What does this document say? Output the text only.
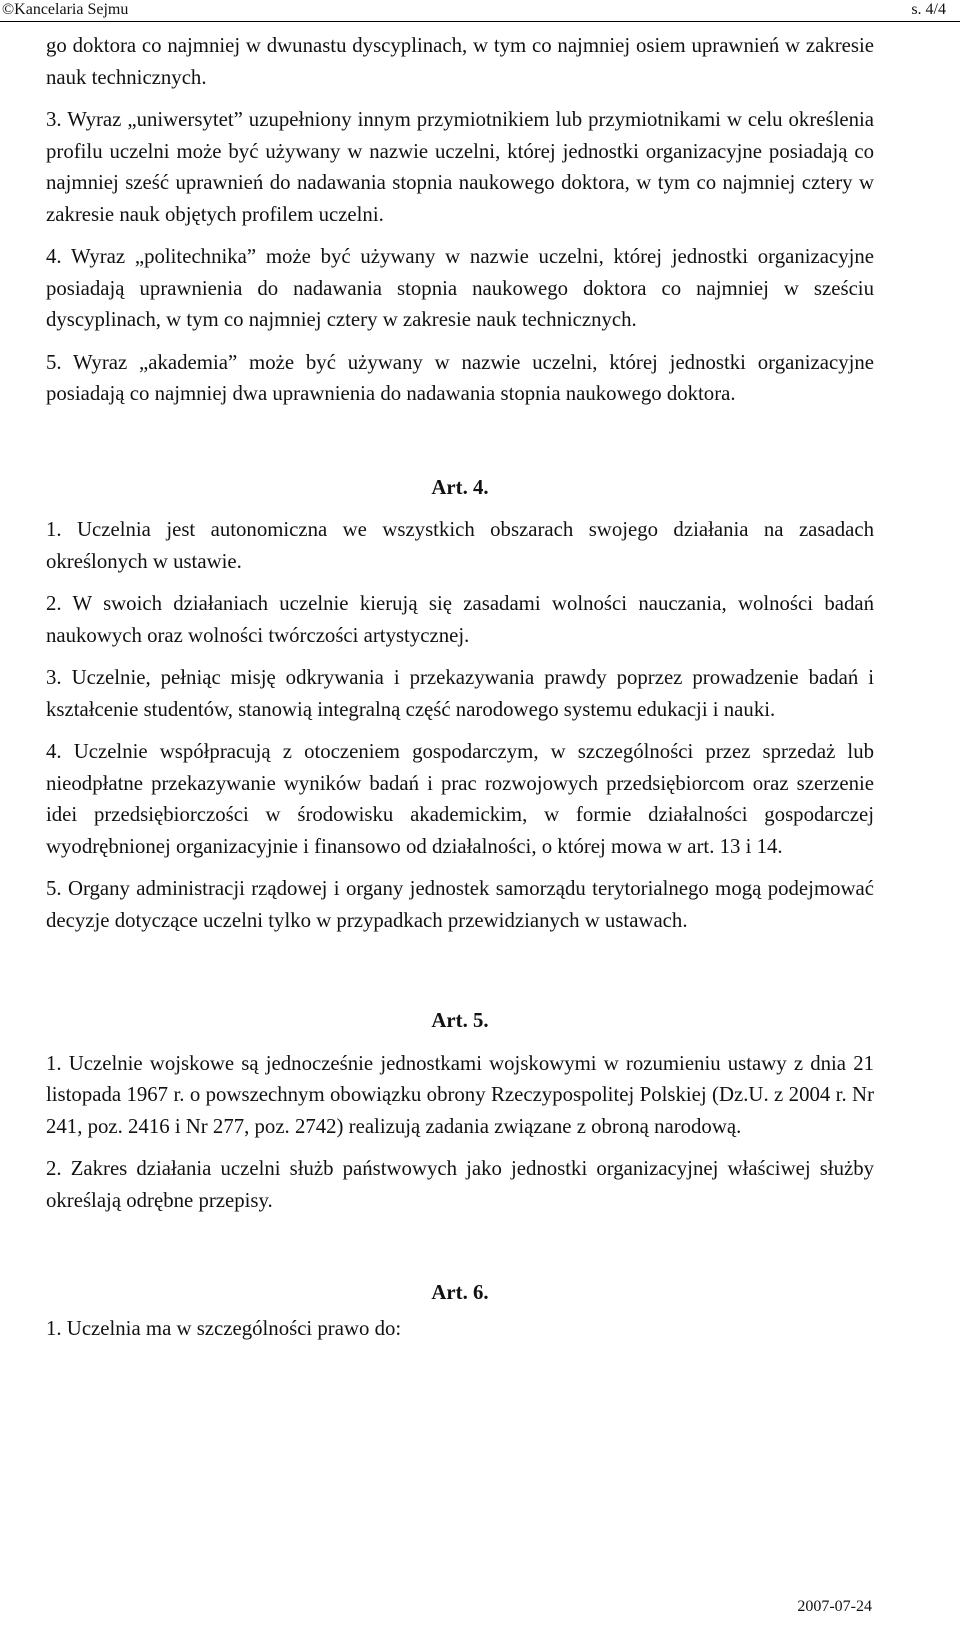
©Kancelaria Sejmu	s. 4/4

go doktora co najmniej w dwunastu dyscyplinach, w tym co najmniej osiem uprawnień w zakresie nauk technicznych.

3. Wyraz „uniwersytet” uzupełniony innym przymiotnikiem lub przymiotnikami w celu określenia profilu uczelni może być używany w nazwie uczelni, której jednostki organizacyjne posiadają co najmniej sześć uprawnień do nadawania stopnia naukowego doktora, w tym co najmniej cztery w zakresie nauk objętych profilem uczelni.

4. Wyraz „politechnika” może być używany w nazwie uczelni, której jednostki organizacyjne posiadają uprawnienia do nadawania stopnia naukowego doktora co najmniej w sześciu dyscyplinach, w tym co najmniej cztery w zakresie nauk technicznych.

5. Wyraz „akademia” może być używany w nazwie uczelni, której jednostki organizacyjne posiadają co najmniej dwa uprawnienia do nadawania stopnia naukowego doktora.

Art. 4.

1. Uczelnia jest autonomiczna we wszystkich obszarach swojego działania na zasadach określonych w ustawie.

2. W swoich działaniach uczelnie kierują się zasadami wolności nauczania, wolności badań naukowych oraz wolności twórczości artystycznej.

3. Uczelnie, pełniąc misję odkrywania i przekazywania prawdy poprzez prowadzenie badań i kształcenie studentów, stanowią integralną część narodowego systemu edukacji i nauki.

4. Uczelnie współpracują z otoczeniem gospodarczym, w szczególności przez sprzedaż lub nieodpłatne przekazywanie wyników badań i prac rozwojowych przedsiębiorcom oraz szerzenie idei przedsiębiorczości w środowisku akademickim, w formie działalności gospodarczej wyodrębnionej organizacyjnie i finansowo od działalności, o której mowa w art. 13 i 14.

5. Organy administracji rządowej i organy jednostek samorządu terytorialnego mogą podejmować decyzje dotyczące uczelni tylko w przypadkach przewidzianych w ustawach.

Art. 5.

1. Uczelnie wojskowe są jednocześnie jednostkami wojskowymi w rozumieniu ustawy z dnia 21 listopada 1967 r. o powszechnym obowiązku obrony Rzeczypospolitej Polskiej (Dz.U. z 2004 r. Nr 241, poz. 2416 i Nr 277, poz. 2742) realizują zadania związane z obroną narodową.

2. Zakres działania uczelni służb państwowych jako jednostki organizacyjnej właściwej służby określają odrębne przepisy.

Art. 6.

1. Uczelnia ma w szczególności prawo do:

2007-07-24
